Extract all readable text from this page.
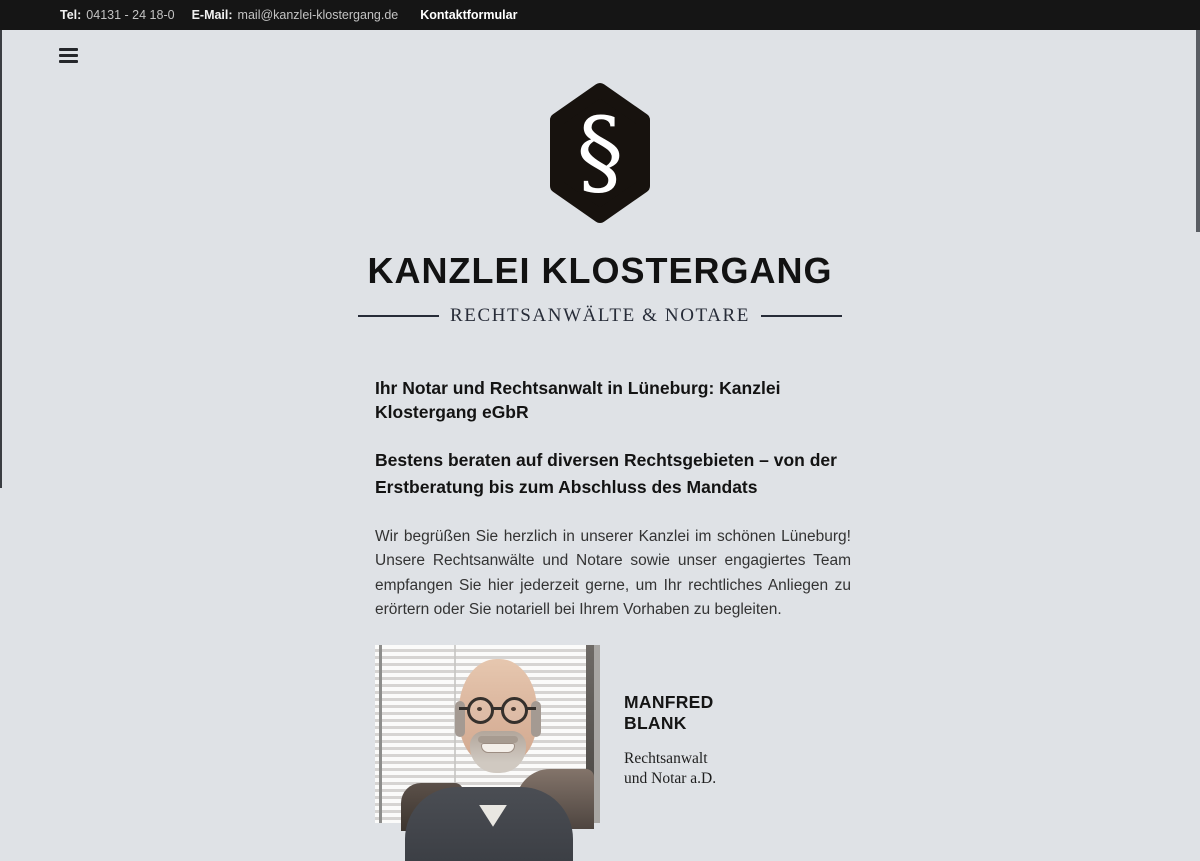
Tel: 04131 - 24 18-0 E-Mail: mail@kanzlei-klostergang.de Kontaktformular
§
KANZLEI KLOSTERGANG
RECHTSANWÄLTE & NOTARE
Ihr Notar und Rechtsanwalt in Lüneburg: Kanzlei Klostergang eGbR
Bestens beraten auf diversen Rechtsgebieten – von der Erstberatung bis zum Abschluss des Mandats

Wir begrüßen Sie herzlich in unserer Kanzlei im schönen Lüneburg! Unsere Rechtsanwälte und Notare sowie unser engagiertes Team empfangen Sie hier jederzeit gerne, um Ihr rechtliches Anliegen zu erörtern oder Sie notariell bei Ihrem Vorhaben zu begleiten.

MANFRED
BLANK
Rechtsanwalt
und Notar a.D.
